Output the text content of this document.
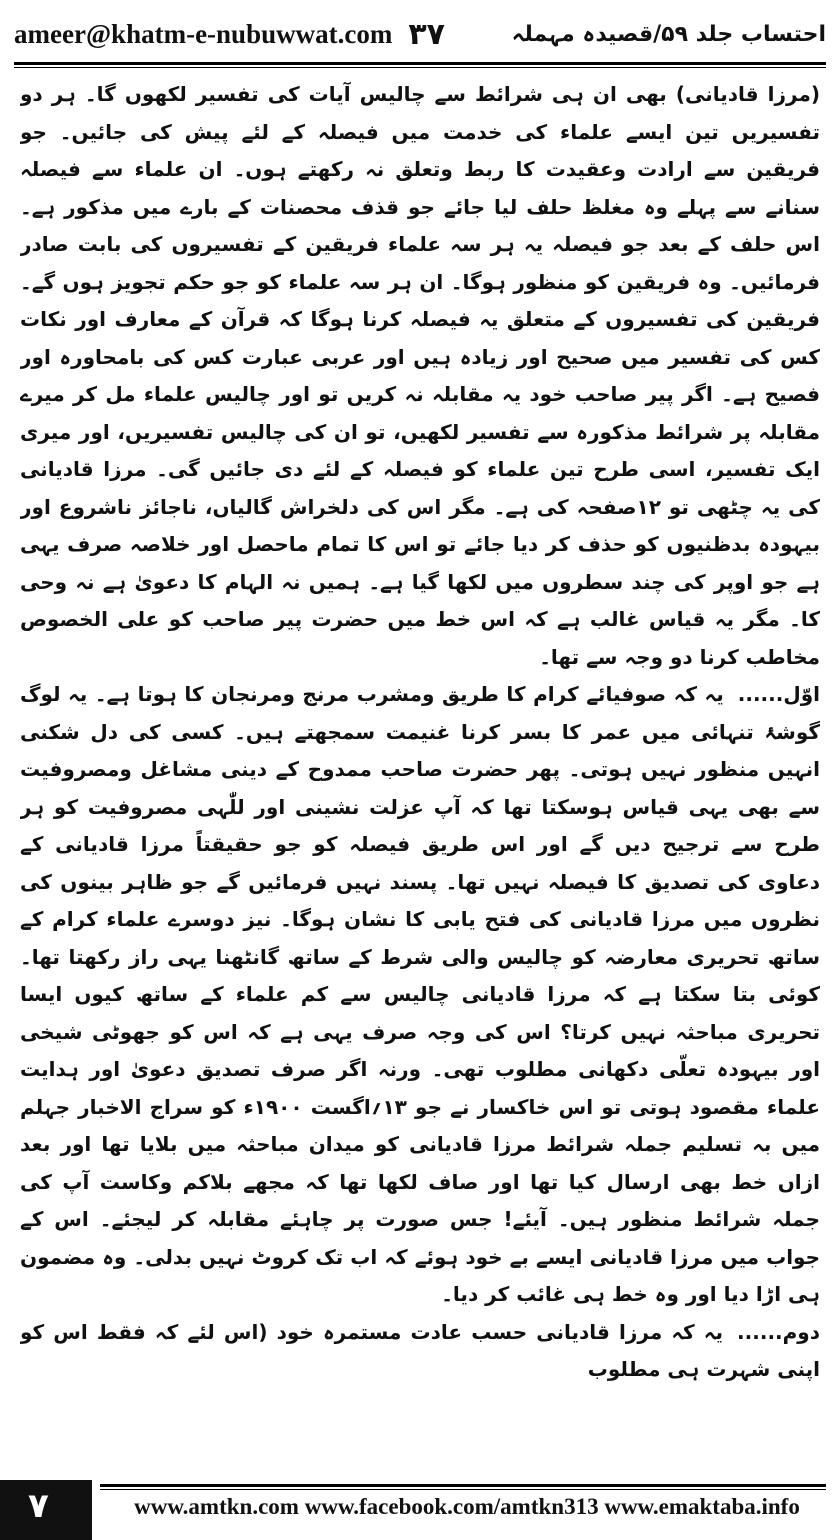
ameer@khatm-e-nubuwwat.com ۳۷	احتساب جلد ۵۹/قصیدہ مہملہ

(مرزا قادیانی) بھی ان ہی شرائط سے چالیس آیات کی تفسیر لکھوں گا۔ ہر دو تفسیریں تین ایسے علماء کی خدمت میں فیصلہ کے لئے پیش کی جائیں۔ جو فریقین سے ارادت وعقیدت کا ربط وتعلق نہ رکھتے ہوں۔ ان علماء سے فیصلہ سنانے سے پہلے وہ مغلظ حلف لیا جائے جو قذف محصنات کے بارے میں مذکور ہے۔ اس حلف کے بعد جو فیصلہ یہ ہر سہ علماء فریقین کے تفسیروں کی بابت صادر فرمائیں۔ وہ فریقین کو منظور ہوگا۔ ان ہر سہ علماء کو جو حکم تجویز ہوں گے۔ فریقین کی تفسیروں کے متعلق یہ فیصلہ کرنا ہوگا کہ قرآن کے معارف اور نکات کس کی تفسیر میں صحیح اور زیادہ ہیں اور عربی عبارت کس کی بامحاورہ اور فصیح ہے۔ اگر پیر صاحب خود یہ مقابلہ نہ کریں تو اور چالیس علماء مل کر میرے مقابلہ پر شرائط مذکورہ سے تفسیر لکھیں، تو ان کی چالیس تفسیریں، اور میری ایک تفسیر، اسی طرح تین علماء کو فیصلہ کے لئے دی جائیں گی۔ مرزا قادیانی کی یہ چٹھی تو ۱۲صفحہ کی ہے۔ مگر اس کی دلخراش گالیاں، ناجائز ناشروع اور بیہودہ بدظنیوں کو حذف کر دیا جائے تو اس کا تمام ماحصل اور خلاصہ صرف یہی ہے جو اوپر کی چند سطروں میں لکھا گیا ہے۔ ہمیں نہ الہام کا دعویٰ ہے نہ وحی کا۔ مگر یہ قیاس غالب ہے کہ اس خط میں حضرت پیر صاحب کو علی الخصوص مخاطب کرنا دو وجہ سے تھا۔

اوّل......یہ کہ صوفیائے کرام کا طریق ومشرب مرنج ومرنجان کا ہوتا ہے۔ یہ لوگ گوشۂ تنہائی میں عمر کا بسر کرنا غنیمت سمجھتے ہیں۔ کسی کی دل شکنی انہیں منظور نہیں ہوتی۔ پھر حضرت صاحب ممدوح کے دینی مشاغل ومصروفیت سے بھی یہی قیاس ہوسکتا تھا کہ آپ عزلت نشینی اور للّٰہی مصروفیت کو ہر طرح سے ترجیح دیں گے اور اس طریق فیصلہ کو جو حقیقتاً مرزا قادیانی کے دعاوی کی تصدیق کا فیصلہ نہیں تھا۔ پسند نہیں فرمائیں گے جو ظاہر بینوں کی نظروں میں مرزا قادیانی کی فتح یابی کا نشان ہوگا۔ نیز دوسرے علماء کرام کے ساتھ تحریری معارضہ کو چالیس والی شرط کے ساتھ گانٹھنا یہی راز رکھتا تھا۔ کوئی بتا سکتا ہے کہ مرزا قادیانی چالیس سے کم علماء کے ساتھ کیوں ایسا تحریری مباحثہ نہیں کرتا؟ اس کی وجہ صرف یہی ہے کہ اس کو جھوٹی شیخی اور بیہودہ تعلّی دکھانی مطلوب تھی۔ ورنہ اگر صرف تصدیق دعویٰ اور ہدایت علماء مقصود ہوتی تو اس خاکسار نے جو ۱۳؍اگست ۱۹۰۰ء کو سراج الاخبار جہلم میں بہ تسلیم جملہ شرائط مرزا قادیانی کو میدان مباحثہ میں بلایا تھا اور بعد ازاں خط بھی ارسال کیا تھا اور صاف لکھا تھا کہ مجھے بلاکم وکاست آپ کی جملہ شرائط منظور ہیں۔ آیئے! جس صورت پر چاہئے مقابلہ کر لیجئے۔ اس کے جواب میں مرزا قادیانی ایسے بے خود ہوئے کہ اب تک کروٹ نہیں بدلی۔ وہ مضمون ہی اڑا دیا اور وہ خط ہی غائب کر دیا۔

دوم......یہ کہ مرزا قادیانی حسب عادت مستمرہ خود (اس لئے کہ فقط اس کو اپنی شہرت ہی مطلوب

۷	www.amtkn.com www.facebook.com/amtkn313 www.emaktaba.info
